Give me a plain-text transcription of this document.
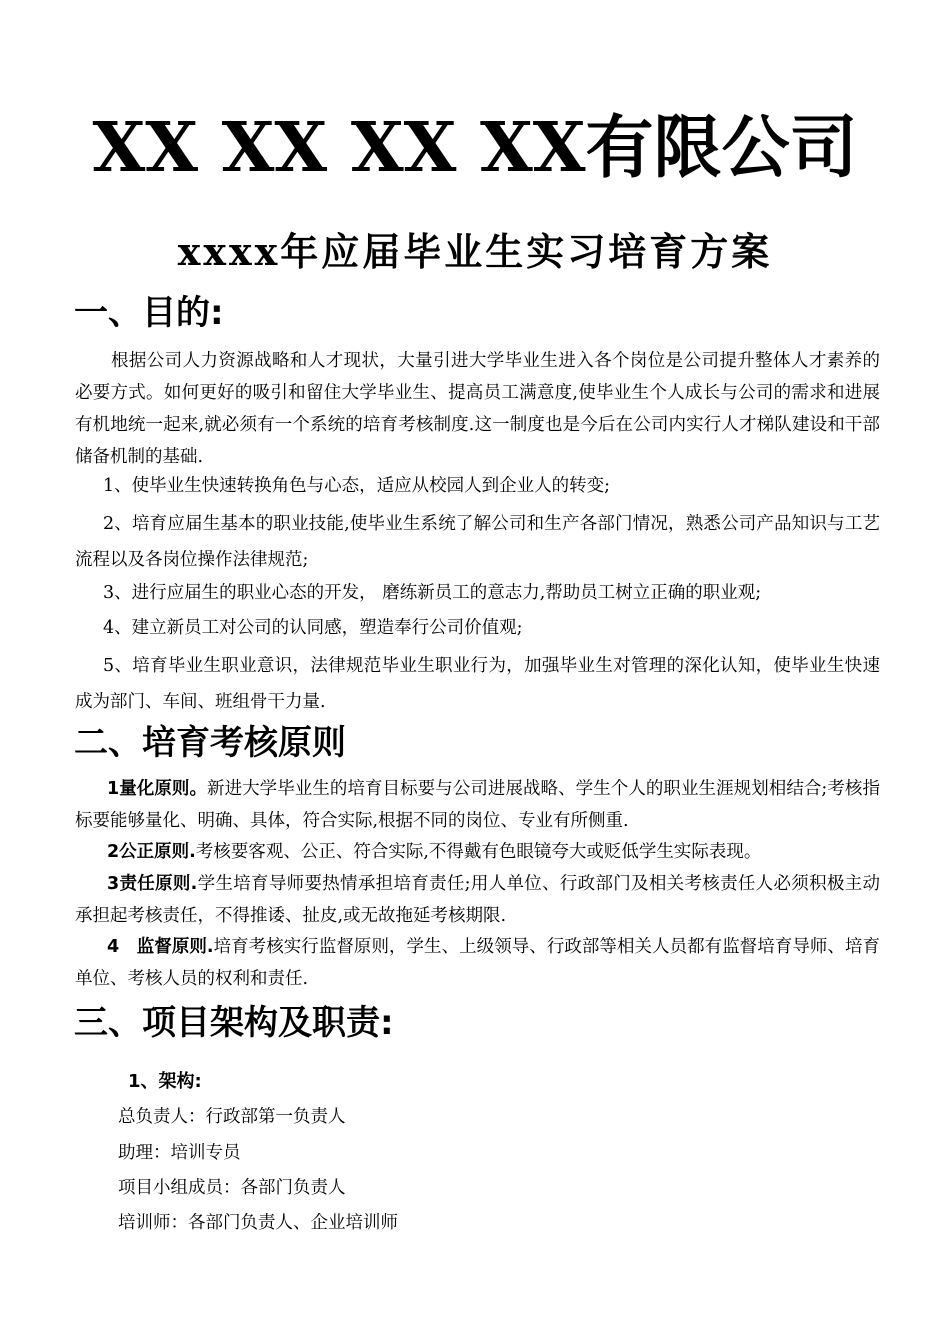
XX XX XX XX有限公司
xxxx年应届毕业生实习培育方案
一、目的:
根据公司人力资源战略和人才现状，大量引进大学毕业生进入各个岗位是公司提升整体人才素养的必要方式。如何更好的吸引和留住大学毕业生、提高员工满意度,使毕业生个人成长与公司的需求和进展有机地统一起来,就必须有一个系统的培育考核制度.这一制度也是今后在公司内实行人才梯队建设和干部储备机制的基础.
1、使毕业生快速转换角色与心态，适应从校园人到企业人的转变;
2、培育应届生基本的职业技能,使毕业生系统了解公司和生产各部门情况，熟悉公司产品知识与工艺流程以及各岗位操作法律规范;
3、进行应届生的职业心态的开发， 磨练新员工的意志力,帮助员工树立正确的职业观;
4、建立新员工对公司的认同感，塑造奉行公司价值观;
5、培育毕业生职业意识，法律规范毕业生职业行为，加强毕业生对管理的深化认知，使毕业生快速成为部门、车间、班组骨干力量.
二、培育考核原则
1量化原则。新进大学毕业生的培育目标要与公司进展战略、学生个人的职业生涯规划相结合;考核指标要能够量化、明确、具体，符合实际,根据不同的岗位、专业有所侧重.
2公正原则.考核要客观、公正、符合实际,不得戴有色眼镜夸大或贬低学生实际表现。
3责任原则.学生培育导师要热情承担培育责任;用人单位、行政部门及相关考核责任人必须积极主动承担起考核责任，不得推诿、扯皮,或无故拖延考核期限.
4　监督原则.培育考核实行监督原则，学生、上级领导、行政部等相关人员都有监督培育导师、培育单位、考核人员的权利和责任.
三、项目架构及职责:
1、架构:
总负责人：行政部第一负责人
助理：培训专员
项目小组成员：各部门负责人
培训师：各部门负责人、企业培训师
